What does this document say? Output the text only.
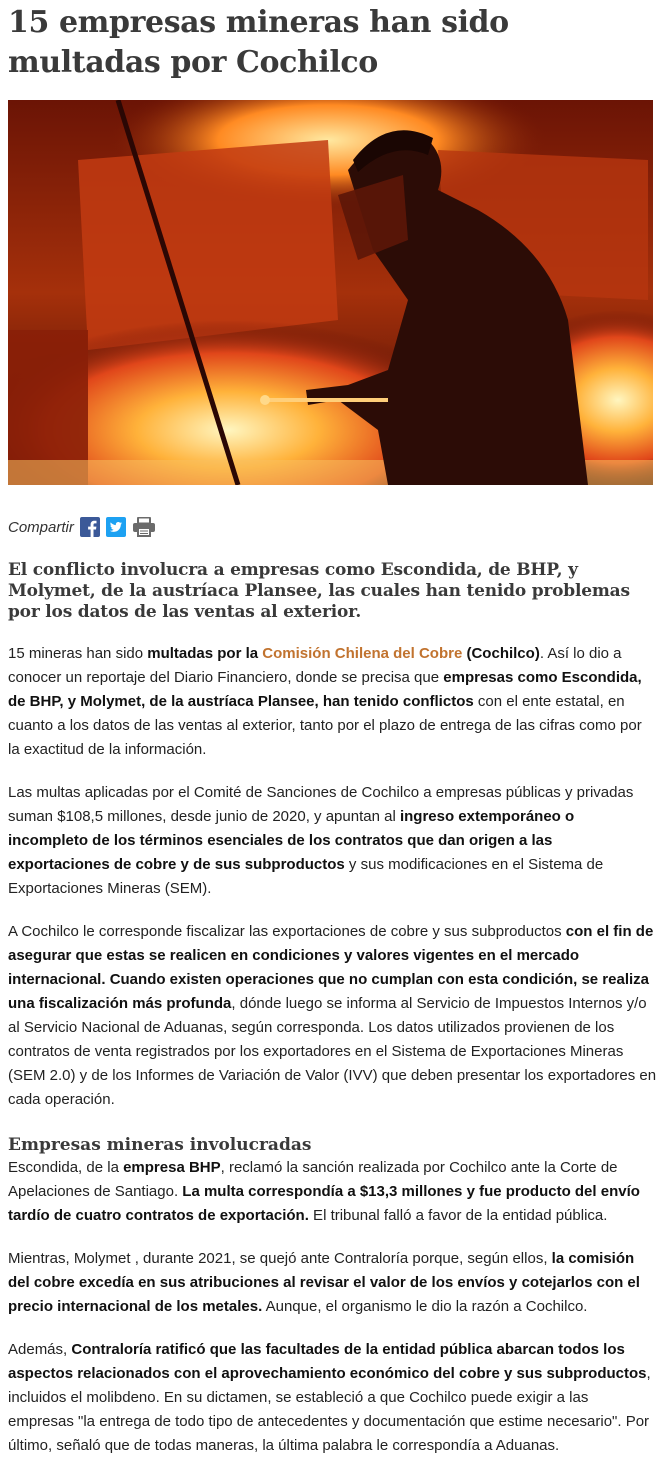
15 empresas mineras han sido multadas por Cochilco
Compartir
El conflicto involucra a empresas como Escondida, de BHP, y Molymet, de la austríaca Plansee, las cuales han tenido problemas por los datos de las ventas al exterior.

15 mineras han sido multadas por la Comisión Chilena del Cobre (Cochilco). Así lo dio a conocer un reportaje del Diario Financiero, donde se precisa que empresas como Escondida, de BHP, y Molymet, de la austríaca Plansee, han tenido conflictos con el ente estatal, en cuanto a los datos de las ventas al exterior, tanto por el plazo de entrega de las cifras como por la exactitud de la información.

Las multas aplicadas por el Comité de Sanciones de Cochilco a empresas públicas y privadas suman $108,5 millones, desde junio de 2020, y apuntan al ingreso extemporáneo o incompleto de los términos esenciales de los contratos que dan origen a las exportaciones de cobre y de sus subproductos y sus modificaciones en el Sistema de Exportaciones Mineras (SEM).

A Cochilco le corresponde fiscalizar las exportaciones de cobre y sus subproductos con el fin de asegurar que estas se realicen en condiciones y valores vigentes en el mercado internacional. Cuando existen operaciones que no cumplan con esta condición, se realiza una fiscalización más profunda, dónde luego se informa al Servicio de Impuestos Internos y/o al Servicio Nacional de Aduanas, según corresponda. Los datos utilizados provienen de los contratos de venta registrados por los exportadores en el Sistema de Exportaciones Mineras (SEM 2.0) y de los Informes de Variación de Valor (IVV) que deben presentar los exportadores en cada operación.

Empresas mineras involucradas

Escondida, de la empresa BHP, reclamó la sanción realizada por Cochilco ante la Corte de Apelaciones de Santiago. La multa correspondía a $13,3 millones y fue producto del envío tardío de cuatro contratos de exportación. El tribunal falló a favor de la entidad pública.

Mientras, Molymet , durante 2021, se quejó ante Contraloría porque, según ellos, la comisión del cobre excedía en sus atribuciones al revisar el valor de los envíos y cotejarlos con el precio internacional de los metales. Aunque, el organismo le dio la razón a Cochilco.

Además, Contraloría ratificó que las facultades de la entidad pública abarcan todos los aspectos relacionados con el aprovechamiento económico del cobre y sus subproductos, incluidos el molibdeno. En su dictamen, se estableció a que Cochilco puede exigir a las empresas "la entrega de todo tipo de antecedentes y documentación que estime necesario". Por último, señaló que de todas maneras, la última palabra le correspondía a Aduanas.
